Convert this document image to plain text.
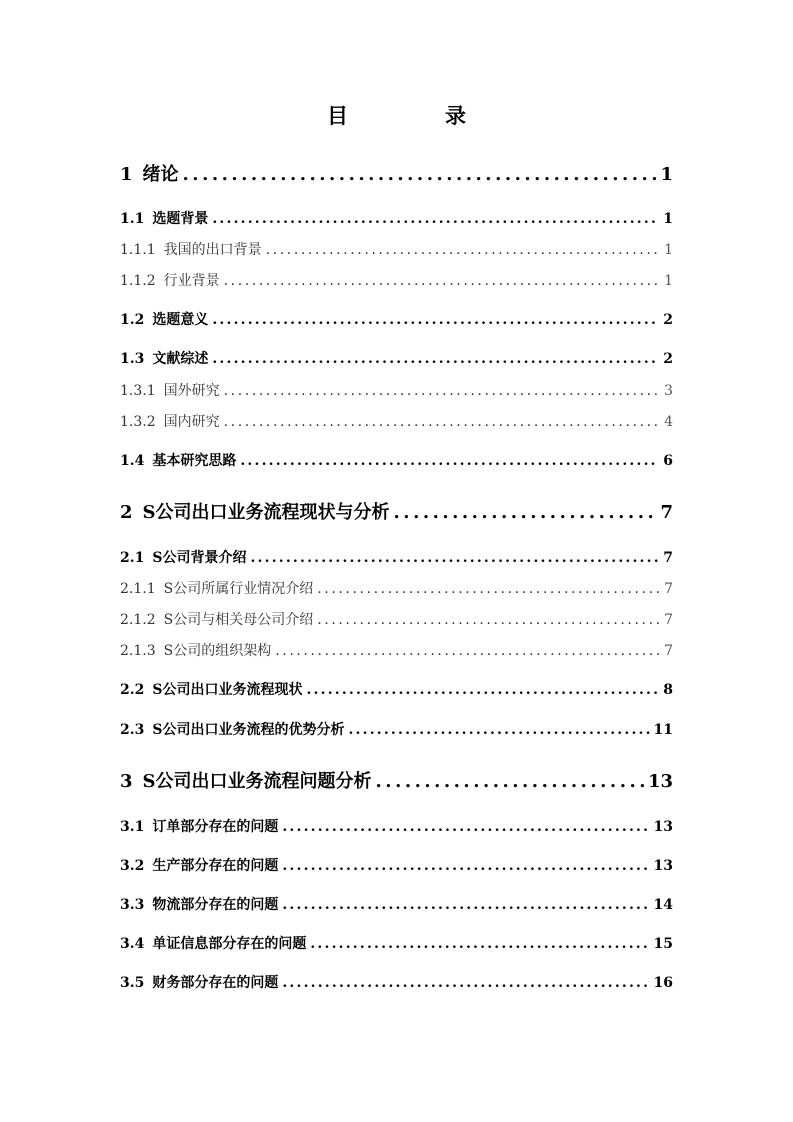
目　录
1 绪论 .....	1
1.1 选题背景 .....	1
1.1.1 我国的出口背景 .....	1
1.1.2 行业背景 .....	1
1.2 选题意义 .....	2
1.3 文献综述 .....	2
1.3.1 国外研究 .....	3
1.3.2 国内研究 .....	4
1.4 基本研究思路 .....	6
2 S公司出口业务流程现状与分析 .....	7
2.1 S公司背景介绍 .....	7
2.1.1 S公司所属行业情况介绍 .....	7
2.1.2 S公司与相关母公司介绍 .....	7
2.1.3 S公司的组织架构 .....	7
2.2 S公司出口业务流程现状 .....	8
2.3 S公司出口业务流程的优势分析 .....	11
3 S公司出口业务流程问题分析 .....	13
3.1 订单部分存在的问题 .....	13
3.2 生产部分存在的问题 .....	13
3.3 物流部分存在的问题 .....	14
3.4 单证信息部分存在的问题 .....	15
3.5 财务部分存在的问题 .....	16
